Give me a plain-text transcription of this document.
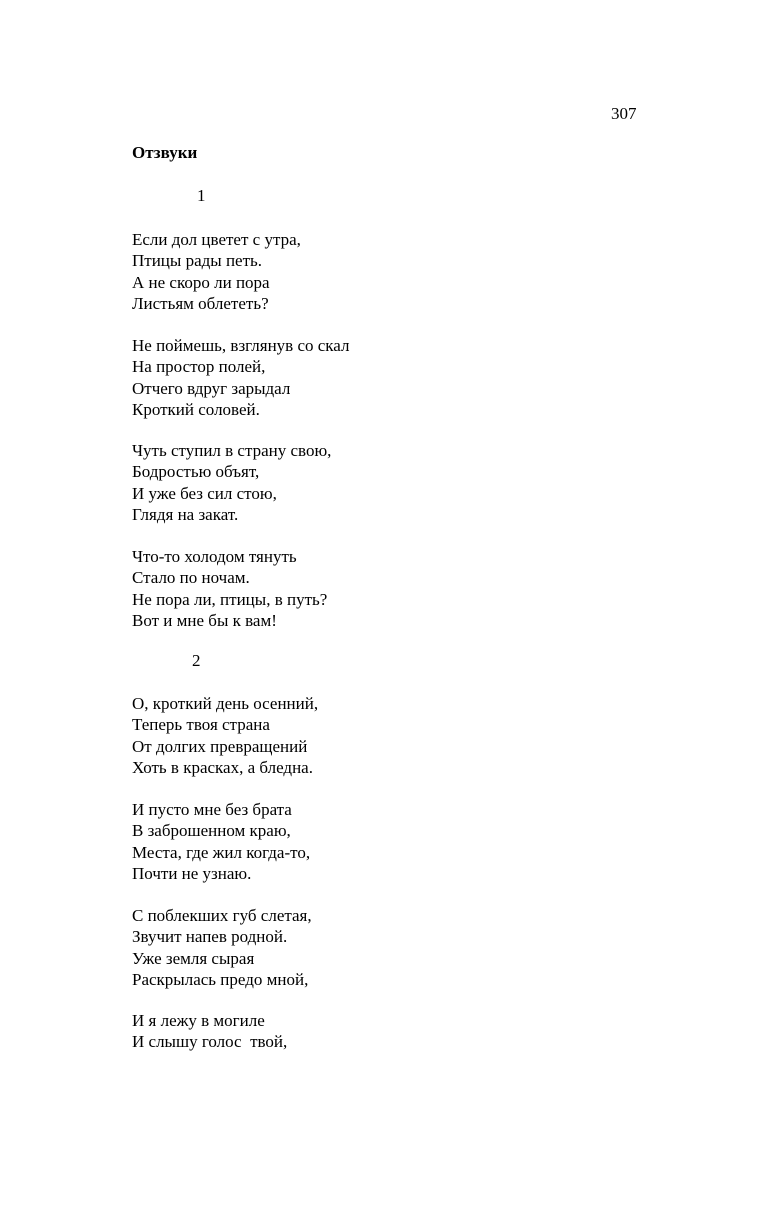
307
Отзвуки
1

Если дол цветет с утра,
Птицы рады петь.
А не скоро ли пора
Листьям облететь?

Не поймешь, взглянув со скал
На простор полей,
Отчего вдруг зарыдал
Кроткий соловей.

Чуть ступил в страну свою,
Бодростью объят,
И уже без сил стою,
Глядя на закат.

Что-то холодом тянуть
Стало по ночам.
Не пора ли, птицы, в путь?
Вот и мне бы к вам!

2

О, кроткий день осенний,
Теперь твоя страна
От долгих превращений
Хоть в красках, а бледна.

И пусто мне без брата
В заброшенном краю,
Места, где жил когда-то,
Почти не узнаю.

С поблекших губ слетая,
Звучит напев родной.
Уже земля сырая
Раскрылась предо мной,

И я лежу в могиле
И слышу голос  твой,
